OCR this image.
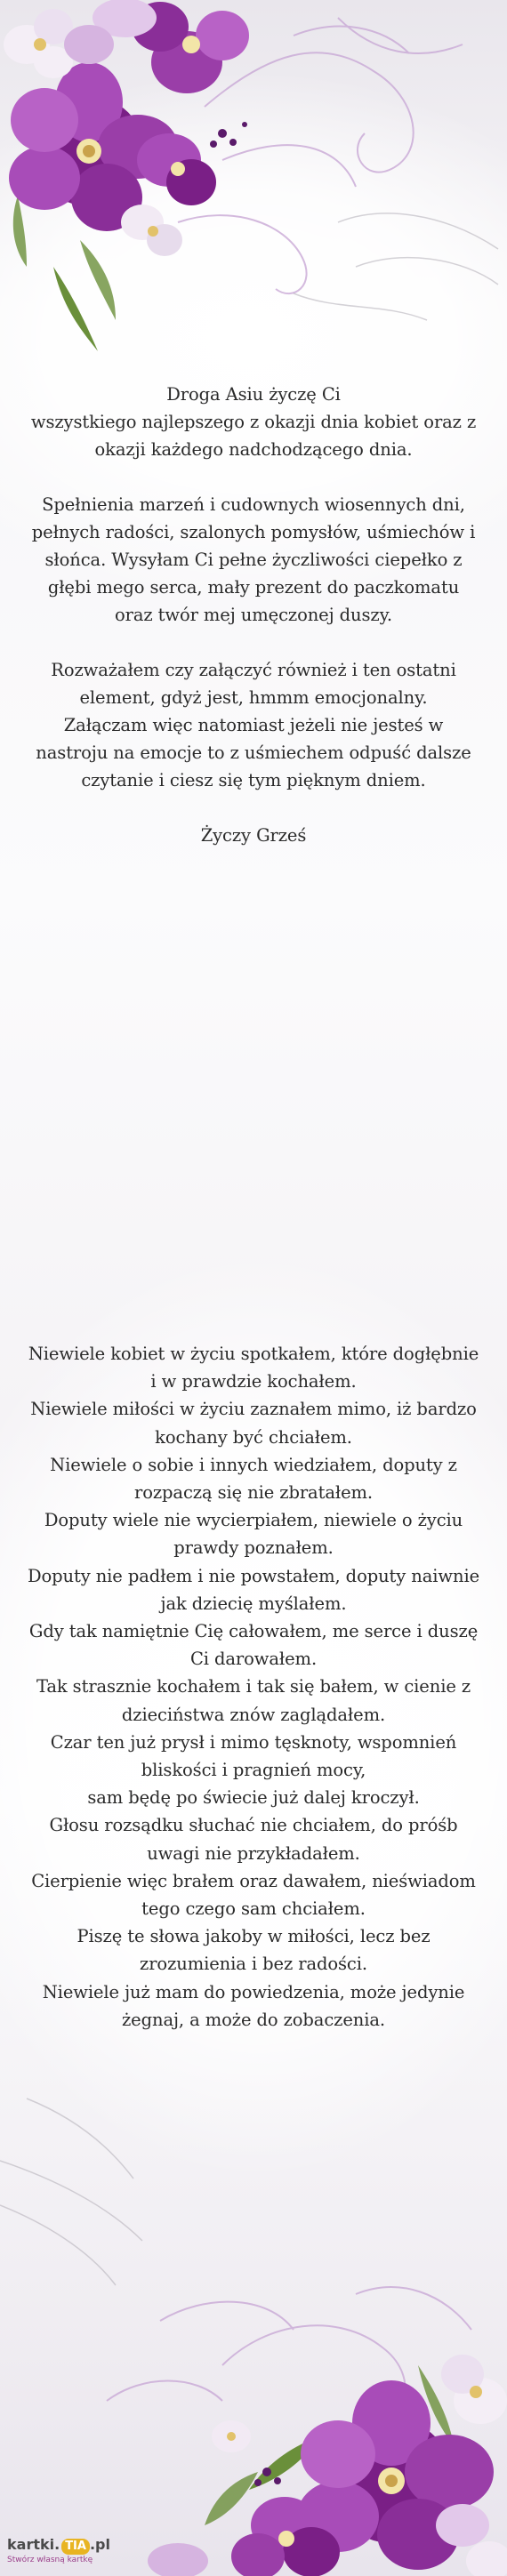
Droga Asiu życzę Ci
wszystkiego najlepszego z okazji dnia kobiet oraz z okazji każdego nadchodzącego dnia.

Spełnienia marzeń i cudownych wiosennych dni, pełnych radości, szalonych pomysłów, uśmiechów i słońca. Wysyłam Ci pełne życzliwości ciepełko z głębi mego serca, mały prezent do paczkomatu oraz twór mej umęczonej duszy.

Rozważałem czy załączyć również i ten ostatni element, gdyż jest, hmmm emocjonalny.
Załączam więc natomiast jeżeli nie jesteś w nastroju na emocje to z uśmiechem odpuść dalsze czytanie i ciesz się tym pięknym dniem.

Życzy Grześ
Niewiele kobiet w życiu spotkałem, które dogłębnie i w prawdzie kochałem.
Niewiele miłości w życiu zaznałem mimo, iż bardzo kochany być chciałem.
Niewiele o sobie i innych wiedziałem, doputy z rozpaczą się nie zbratałem.
Doputy wiele nie wycierpiałem, niewiele o życiu prawdy poznałem.
Doputy nie padłem i nie powstałem, doputy naiwnie jak dziecię myślałem.
Gdy tak namiętnie Cię całowałem, me serce i duszę Ci darowałem.
Tak strasznie kochałem i tak się bałem, w cienie z dzieciństwa znów zaglądałem.
Czar ten już prysł i mimo tęsknoty, wspomnień bliskości i pragnień mocy,
sam będę po świecie już dalej kroczył.
Głosu rozsądku słuchać nie chciałem, do próśb uwagi nie przykładałem.
Cierpienie więc brałem oraz dawałem, nieświadom tego czego sam chciałem.
Piszę te słowa jakoby w miłości, lecz bez zrozumienia i bez radości.
Niewiele już mam do powiedzenia, może jedynie żegnaj, a może do zobaczenia.
kartki. TIA .pl
Stwórz własną kartkę
